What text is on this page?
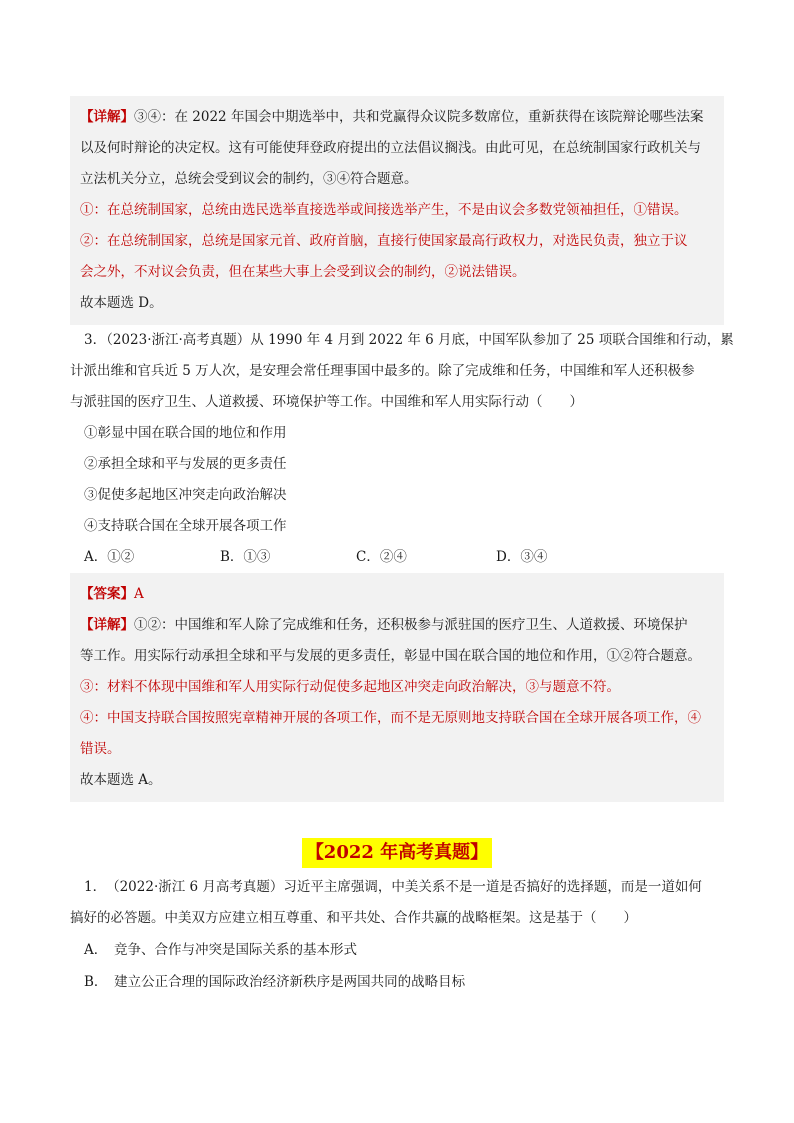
【详解】③④：在 2022 年国会中期选举中，共和党赢得众议院多数席位，重新获得在该院辩论哪些法案
以及何时辩论的决定权。这有可能使拜登政府提出的立法倡议搁浅。由此可见，在总统制国家行政机关与
立法机关分立，总统会受到议会的制约，③④符合题意。
①：在总统制国家，总统由选民选举直接选举或间接选举产生，不是由议会多数党领袖担任，①错误。
②：在总统制国家，总统是国家元首、政府首脑，直接行使国家最高行政权力，对选民负责，独立于议
会之外，不对议会负责，但在某些大事上会受到议会的制约，②说法错误。
故本题选 D。
3．（2023·浙江·高考真题）从 1990 年 4 月到 2022 年 6 月底，中国军队参加了 25 项联合国维和行动，累
计派出维和官兵近 5 万人次，是安理会常任理事国中最多的。除了完成维和任务，中国维和军人还积极参
与派驻国的医疗卫生、人道救援、环境保护等工作。中国维和军人用实际行动（　　）
①彰显中国在联合国的地位和作用
②承担全球和平与发展的更多责任
③促使多起地区冲突走向政治解决
④支持联合国在全球开展各项工作
A．①②	B．①③	C．②④	D．③④
【答案】A
【详解】①②：中国维和军人除了完成维和任务，还积极参与派驻国的医疗卫生、人道救援、环境保护
等工作。用实际行动承担全球和平与发展的更多责任，彰显中国在联合国的地位和作用，①②符合题意。
③：材料不体现中国维和军人用实际行动促使多起地区冲突走向政治解决，③与题意不符。
④：中国支持联合国按照宪章精神开展的各项工作，而不是无原则地支持联合国在全球开展各项工作，④
错误。
故本题选 A。
【2022 年高考真题】
1．　（2022·浙江 6 月高考真题）习近平主席强调，中美关系不是一道是否搞好的选择题，而是一道如何
搞好的必答题。中美双方应建立相互尊重、和平共处、合作共赢的战略框架。这是基于（　　）
A．　竞争、合作与冲突是国际关系的基本形式
B．　建立公正合理的国际政治经济新秩序是两国共同的战略目标
